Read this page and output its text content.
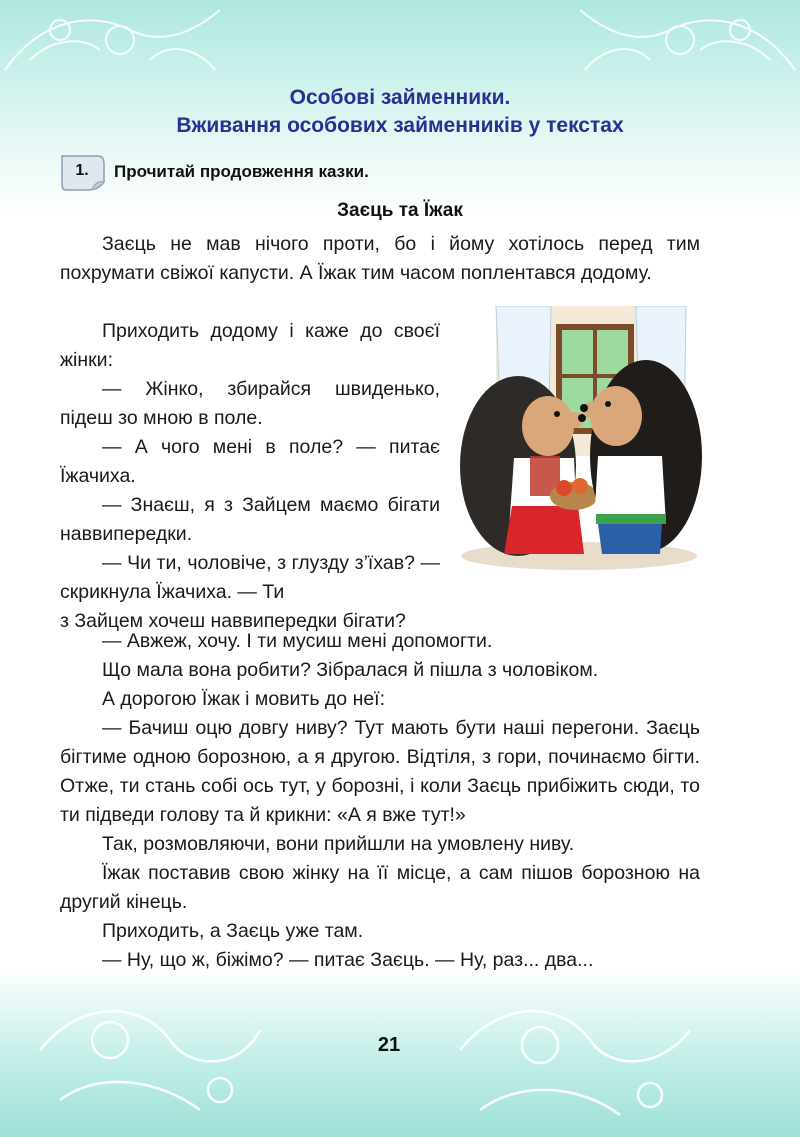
Особові займенники.
Вживання особових займенників у текстах
1.	Прочитай продовження казки.
Заєць та Їжак

Заєць не мав нічого проти, бо і йому хотілось перед тим похрумати свіжої капусти. А Їжак тим часом поплентався додому.

Приходить додому і каже до своєї жінки:

— Жінко, збирайся швиденько, підеш зо мною в поле.

— А чого мені в поле? — питає Їжачиха.

— Знаєш, я з Зайцем маємо бігати наввипередки.

— Чи ти, чоловіче, з глузду з’їхав? — скрикнула Їжачиха. — Ти

з Зайцем хочеш наввипередки бігати?

— Авжеж, хочу. І ти мусиш мені допомогти.

Що мала вона робити? Зібралася й пішла з чоловіком.

А дорогою Їжак і мовить до неї:

— Бачиш оцю довгу ниву? Тут мають бути наші перегони. Заєць бігтиме одною борозною, а я другою. Відтіля, з гори, починаємо бігти. Отже, ти стань собі ось тут, у борозні, і коли Заєць прибіжить сюди, то ти підведи голову та й крикни: «А я вже тут!»

Так, розмовляючи, вони прийшли на умовлену ниву.

Їжак поставив свою жінку на її місце, а сам пішов борозною на другий кінець.

Приходить, а Заєць уже там.

— Ну, що ж, біжімо? — питає Заєць. — Ну, раз... два...

21
